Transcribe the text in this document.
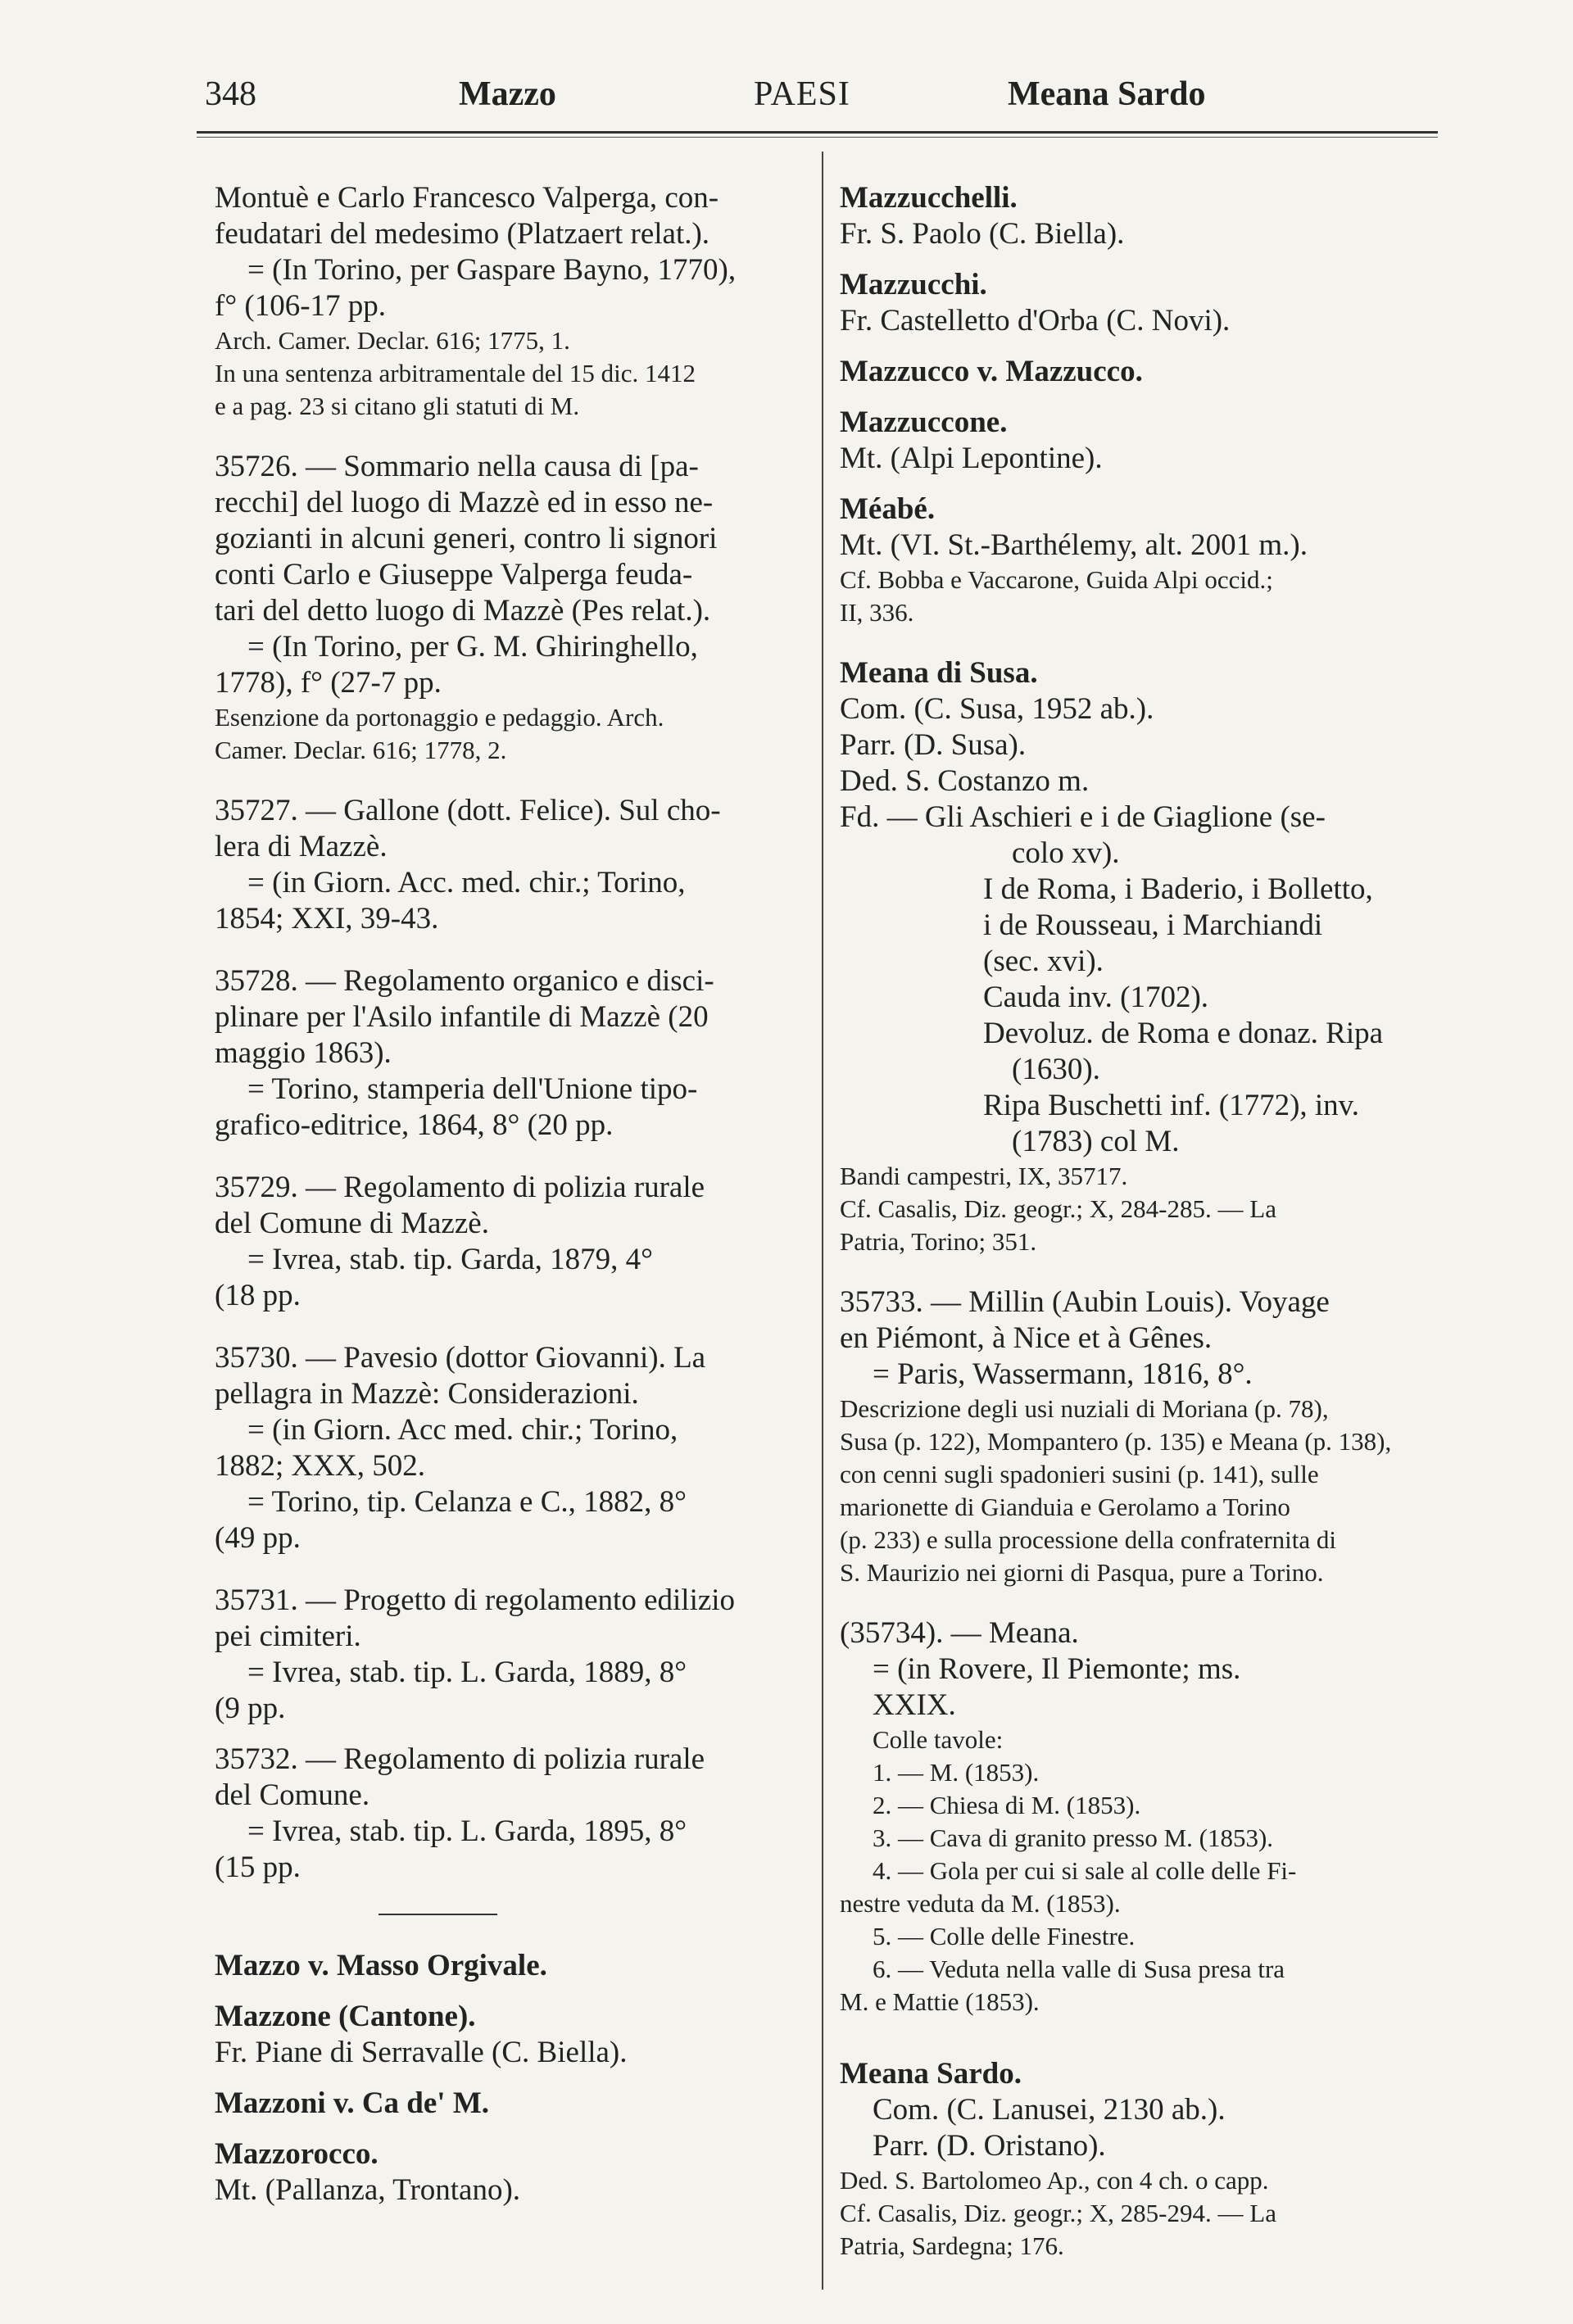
348	Mazzo	PAESI	Meana Sardo
Montuè e Carlo Francesco Valperga, con-
feudatari del medesimo (Platzaert relat.).
= (In Torino, per Gaspare Bayno, 1770),
f° (106-17 pp.
Arch. Camer. Declar. 616; 1775, 1.
In una sentenza arbitramentale del 15 dic. 1412
e a pag. 23 si citano gli statuti di M.
35726. — Sommario nella causa di [pa-
recchi] del luogo di Mazzè ed in esso ne-
gozianti in alcuni generi, contro li signori
conti Carlo e Giuseppe Valperga feuda-
tari del detto luogo di Mazzè (Pes relat.).
= (In Torino, per G. M. Ghiringhello,
1778), f° (27-7 pp.
Esenzione da portonaggio e pedaggio. Arch.
Camer. Declar. 616; 1778, 2.
35727. — Gallone (dott. Felice). Sul cho-
lera di Mazzè.
= (in Giorn. Acc. med. chir.; Torino,
1854; XXI, 39-43.
35728. — Regolamento organico e disci-
plinare per l'Asilo infantile di Mazzè (20
maggio 1863).
= Torino, stamperia dell'Unione tipo-
grafico-editrice, 1864, 8° (20 pp.
35729. — Regolamento di polizia rurale
del Comune di Mazzè.
= Ivrea, stab. tip. Garda, 1879, 4°
(18 pp.
35730. — Pavesio (dottor Giovanni). La
pellagra in Mazzè: Considerazioni.
= (in Giorn. Acc med. chir.; Torino,
1882; XXX, 502.
= Torino, tip. Celanza e C., 1882, 8°
(49 pp.
35731. — Progetto di regolamento edilizio
pei cimiteri.
= Ivrea, stab. tip. L. Garda, 1889, 8°
(9 pp.
35732. — Regolamento di polizia rurale
del Comune.
= Ivrea, stab. tip. L. Garda, 1895, 8°
(15 pp.
Mazzo v. Masso Orgivale.
Mazzone (Cantone).
Fr. Piane di Serravalle (C. Biella).
Mazzoni v. Ca de' M.
Mazzorocco.
Mt. (Pallanza, Trontano).
Mazzucchelli.
Fr. S. Paolo (C. Biella).
Mazzucchi.
Fr. Castelletto d'Orba (C. Novi).
Mazzucco v. Mazzucco.
Mazzuccone.
Mt. (Alpi Lepontine).
Méabé.
Mt. (VI. St.-Barthélemy, alt. 2001 m.).
Cf. Bobba e Vaccarone, Guida Alpi occid.;
II, 336.
Meana di Susa.
Com. (C. Susa, 1952 ab.).
Parr. (D. Susa).
Ded. S. Costanzo m.
Fd. — Gli Aschieri e i de Giaglione (se-
colo xv).
I de Roma, i Baderio, i Bolletto,
i de Rousseau, i Marchiandi
(sec. xvi).
Cauda inv. (1702).
Devoluz. de Roma e donaz. Ripa
(1630).
Ripa Buschetti inf. (1772), inv.
(1783) col M.
Bandi campestri, IX, 35717.
Cf. Casalis, Diz. geogr.; X, 284-285. — La
Patria, Torino; 351.
35733. — Millin (Aubin Louis). Voyage
en Piémont, à Nice et à Gênes.
= Paris, Wassermann, 1816, 8°.
Descrizione degli usi nuziali di Moriana (p. 78),
Susa (p. 122), Mompantero (p. 135) e Meana (p. 138),
con cenni sugli spadonieri susini (p. 141), sulle
marionette di Gianduia e Gerolamo a Torino
(p. 233) e sulla processione della confraternita di
S. Maurizio nei giorni di Pasqua, pure a Torino.
(35734). — Meana.
= (in Rovere, Il Piemonte; ms.
XXIX.
Colle tavole:
1. — M. (1853).
2. — Chiesa di M. (1853).
3. — Cava di granito presso M. (1853).
4. — Gola per cui si sale al colle delle Fi-
nestre veduta da M. (1853).
5. — Colle delle Finestre.
6. — Veduta nella valle di Susa presa tra
M. e Mattie (1853).
Meana Sardo.
Com. (C. Lanusei, 2130 ab.).
Parr. (D. Oristano).
Ded. S. Bartolomeo Ap., con 4 ch. o capp.
Cf. Casalis, Diz. geogr.; X, 285-294. — La
Patria, Sardegna; 176.
